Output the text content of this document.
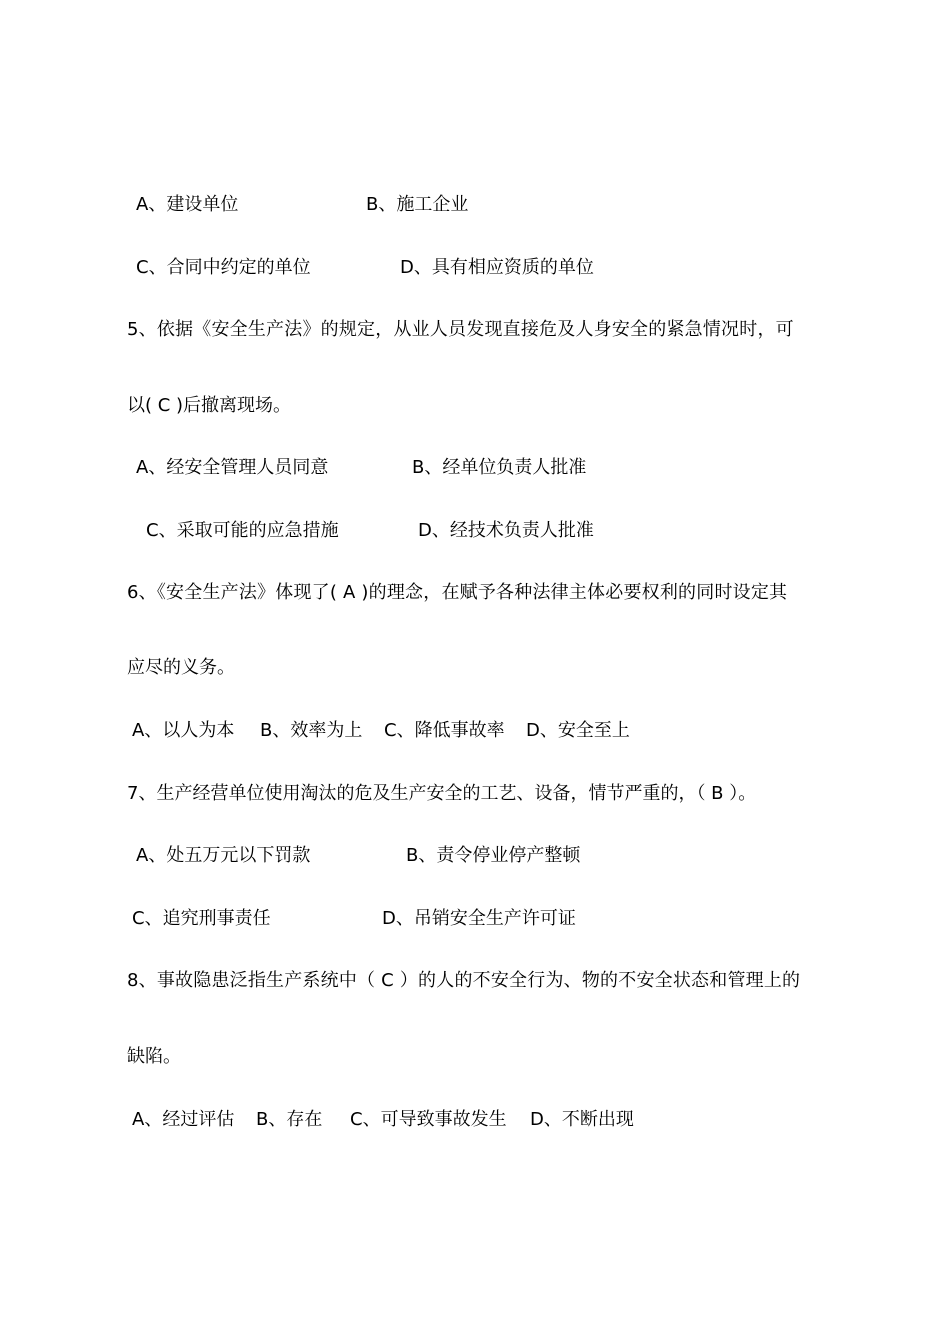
A、建设单位	B、施工企业
C、合同中约定的单位	D、具有相应资质的单位
5、依据《安全生产法》的规定，从业人员发现直接危及人身安全的紧急情况时，可
以( C )后撤离现场。
A、经安全管理人员同意	B、经单位负责人批准
C、采取可能的应急措施	D、经技术负责人批准
6、《安全生产法》体现了( A )的理念，在赋予各种法律主体必要权利的同时设定其
应尽的义务。
A、以人为本 B、效率为上 C、降低事故率 D、安全至上
7、生产经营单位使用淘汰的危及生产安全的工艺、设备，情节严重的，（ B ）。
A、处五万元以下罚款	B、责令停业停产整顿
C、追究刑事责任	D、吊销安全生产许可证
8、事故隐患泛指生产系统中（ C ）的人的不安全行为、物的不安全状态和管理上的
缺陷。
A、经过评估 B、存在 C、可导致事故发生 D、不断出现
